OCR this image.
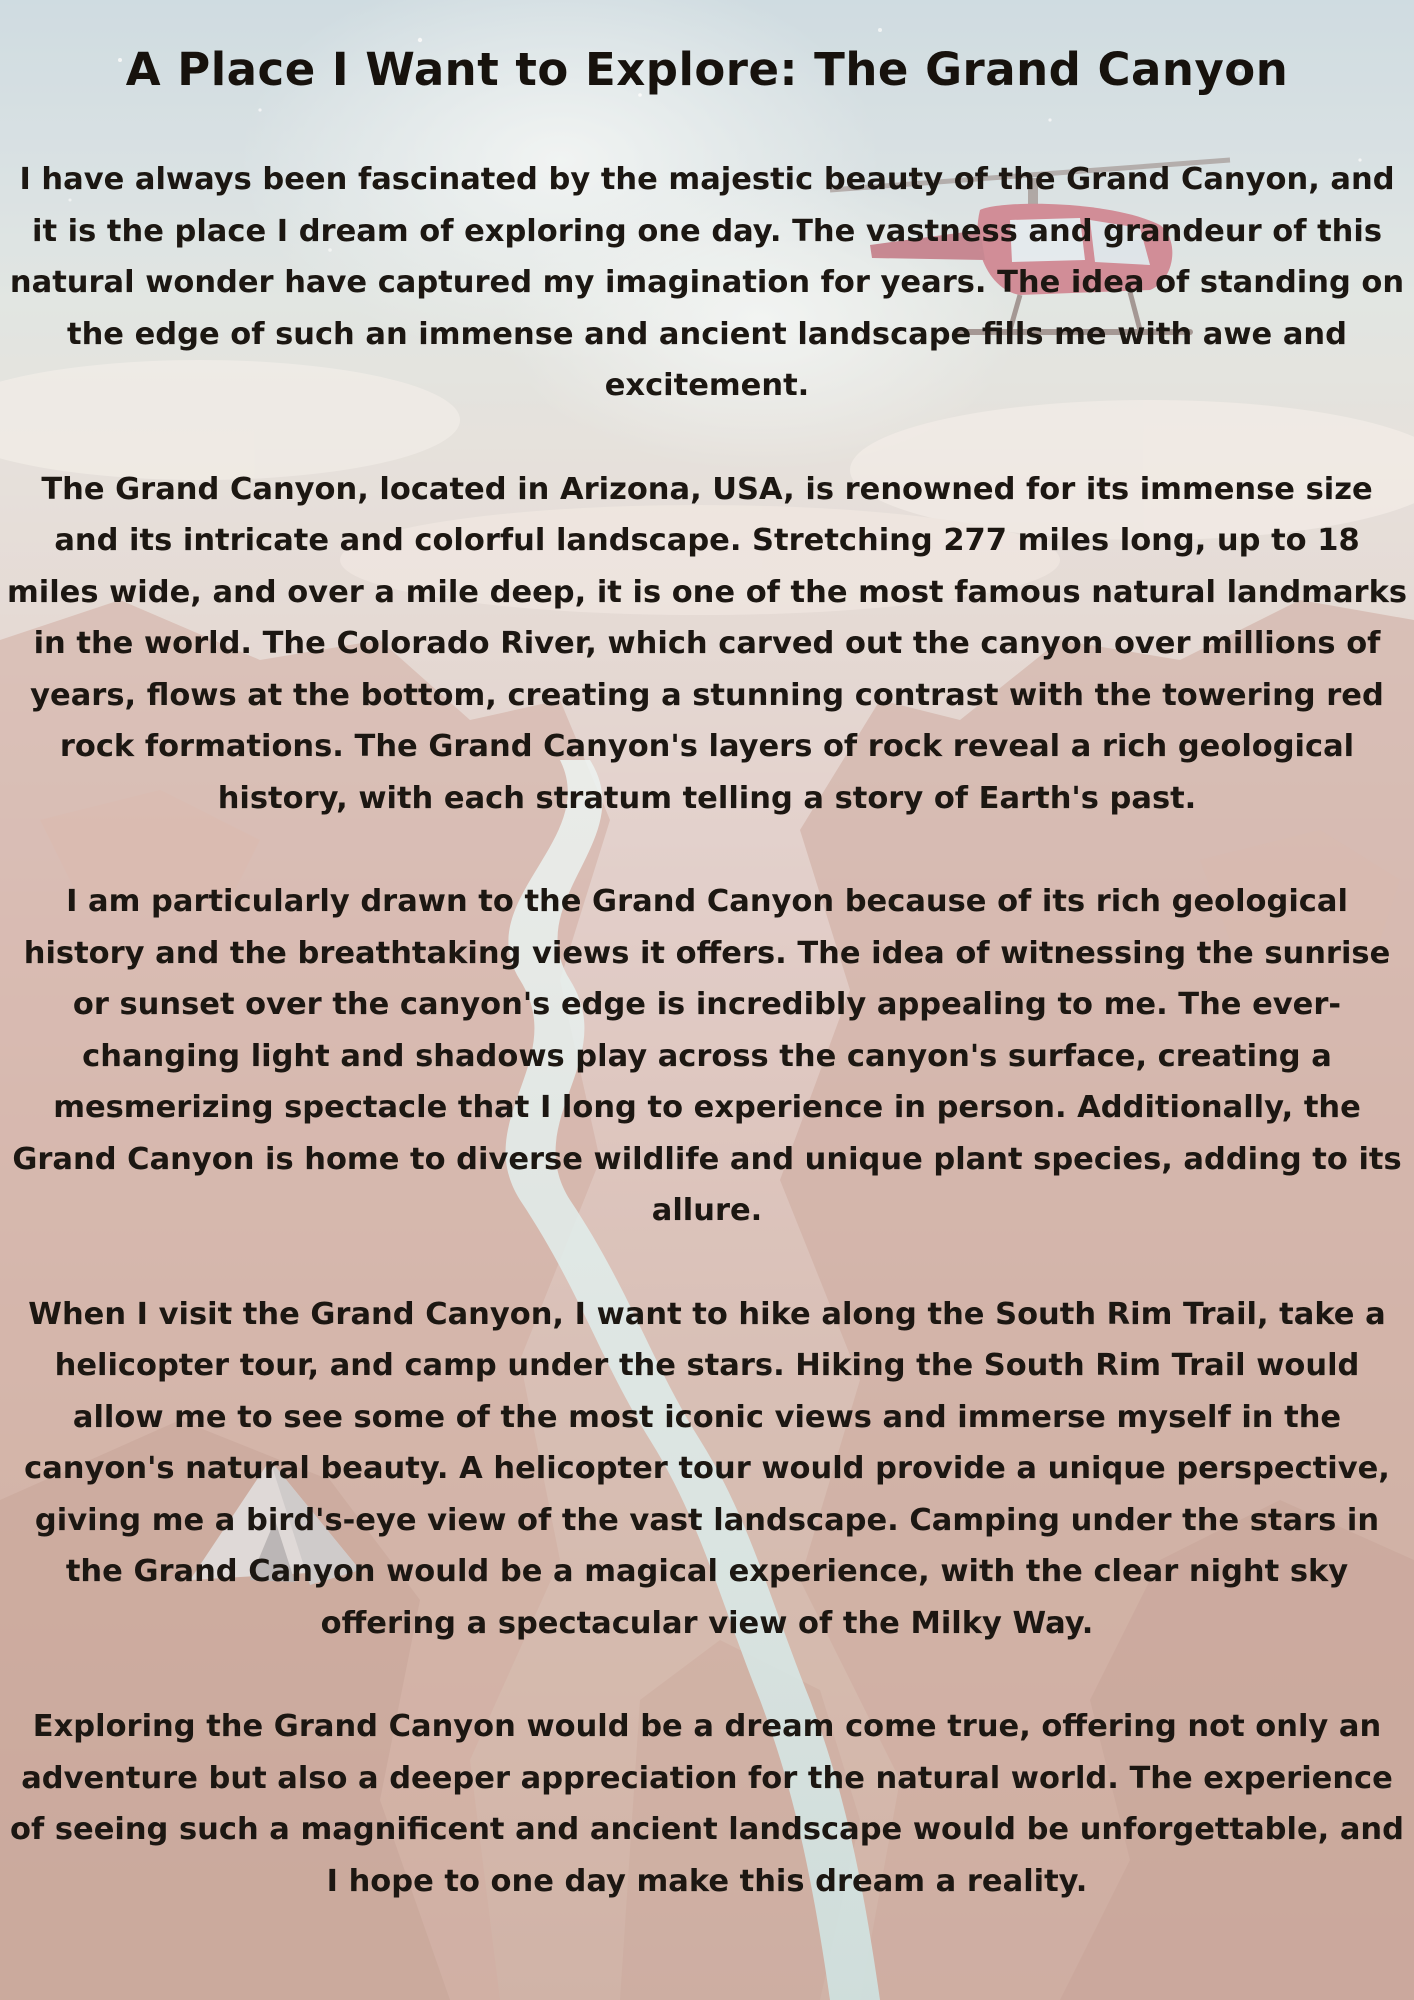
A Place I Want to Explore: The Grand Canyon

I have always been fascinated by the majestic beauty of the Grand Canyon, and it is the place I dream of exploring one day. The vastness and grandeur of this natural wonder have captured my imagination for years. The idea of standing on the edge of such an immense and ancient landscape fills me with awe and excitement.

The Grand Canyon, located in Arizona, USA, is renowned for its immense size and its intricate and colorful landscape. Stretching 277 miles long, up to 18 miles wide, and over a mile deep, it is one of the most famous natural landmarks in the world. The Colorado River, which carved out the canyon over millions of years, flows at the bottom, creating a stunning contrast with the towering red rock formations. The Grand Canyon's layers of rock reveal a rich geological history, with each stratum telling a story of Earth's past.

I am particularly drawn to the Grand Canyon because of its rich geological history and the breathtaking views it offers. The idea of witnessing the sunrise or sunset over the canyon's edge is incredibly appealing to me. The ever-changing light and shadows play across the canyon's surface, creating a mesmerizing spectacle that I long to experience in person. Additionally, the Grand Canyon is home to diverse wildlife and unique plant species, adding to its allure.

When I visit the Grand Canyon, I want to hike along the South Rim Trail, take a helicopter tour, and camp under the stars. Hiking the South Rim Trail would allow me to see some of the most iconic views and immerse myself in the canyon's natural beauty. A helicopter tour would provide a unique perspective, giving me a bird's-eye view of the vast landscape. Camping under the stars in the Grand Canyon would be a magical experience, with the clear night sky offering a spectacular view of the Milky Way.

Exploring the Grand Canyon would be a dream come true, offering not only an adventure but also a deeper appreciation for the natural world. The experience of seeing such a magnificent and ancient landscape would be unforgettable, and I hope to one day make this dream a reality.
